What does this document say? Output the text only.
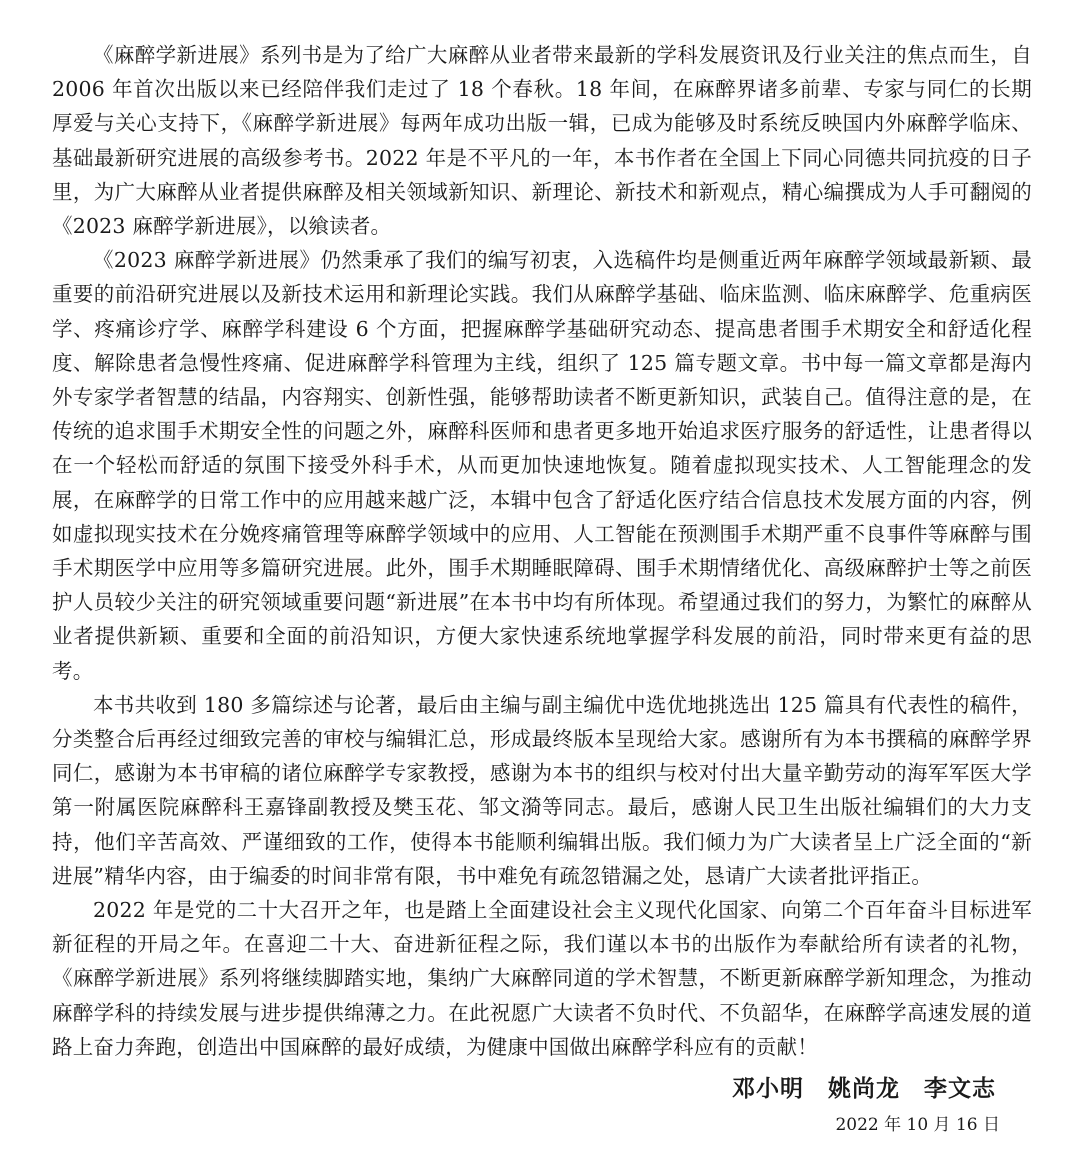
《麻醉学新进展》系列书是为了给广大麻醉从业者带来最新的学科发展资讯及行业关注的焦点而生，自 2006 年首次出版以来已经陪伴我们走过了 18 个春秋。18 年间，在麻醉界诸多前辈、专家与同仁的长期厚爱与关心支持下，《麻醉学新进展》每两年成功出版一辑，已成为能够及时系统反映国内外麻醉学临床、基础最新研究进展的高级参考书。2022 年是不平凡的一年，本书作者在全国上下同心同德共同抗疫的日子里，为广大麻醉从业者提供麻醉及相关领域新知识、新理论、新技术和新观点，精心编撰成为人手可翻阅的《2023 麻醉学新进展》，以飨读者。

《2023 麻醉学新进展》仍然秉承了我们的编写初衷，入选稿件均是侧重近两年麻醉学领域最新颖、最重要的前沿研究进展以及新技术运用和新理论实践。我们从麻醉学基础、临床监测、临床麻醉学、危重病医学、疼痛诊疗学、麻醉学科建设 6 个方面，把握麻醉学基础研究动态、提高患者围手术期安全和舒适化程度、解除患者急慢性疼痛、促进麻醉学科管理为主线，组织了 125 篇专题文章。书中每一篇文章都是海内外专家学者智慧的结晶，内容翔实、创新性强，能够帮助读者不断更新知识，武装自己。值得注意的是，在传统的追求围手术期安全性的问题之外，麻醉科医师和患者更多地开始追求医疗服务的舒适性，让患者得以在一个轻松而舒适的氛围下接受外科手术，从而更加快速地恢复。随着虚拟现实技术、人工智能理念的发展，在麻醉学的日常工作中的应用越来越广泛，本辑中包含了舒适化医疗结合信息技术发展方面的内容，例如虚拟现实技术在分娩疼痛管理等麻醉学领域中的应用、人工智能在预测围手术期严重不良事件等麻醉与围手术期医学中应用等多篇研究进展。此外，围手术期睡眠障碍、围手术期情绪优化、高级麻醉护士等之前医护人员较少关注的研究领域重要问题“新进展”在本书中均有所体现。希望通过我们的努力，为繁忙的麻醉从业者提供新颖、重要和全面的前沿知识，方便大家快速系统地掌握学科发展的前沿，同时带来更有益的思考。

本书共收到 180 多篇综述与论著，最后由主编与副主编优中选优地挑选出 125 篇具有代表性的稿件，分类整合后再经过细致完善的审校与编辑汇总，形成最终版本呈现给大家。感谢所有为本书撰稿的麻醉学界同仁，感谢为本书审稿的诸位麻醉学专家教授，感谢为本书的组织与校对付出大量辛勤劳动的海军军医大学第一附属医院麻醉科王嘉锋副教授及樊玉花、邹文漪等同志。最后，感谢人民卫生出版社编辑们的大力支持，他们辛苦高效、严谨细致的工作，使得本书能顺利编辑出版。我们倾力为广大读者呈上广泛全面的“新进展”精华内容，由于编委的时间非常有限，书中难免有疏忽错漏之处，恳请广大读者批评指正。

2022 年是党的二十大召开之年，也是踏上全面建设社会主义现代化国家、向第二个百年奋斗目标进军新征程的开局之年。在喜迎二十大、奋进新征程之际，我们谨以本书的出版作为奉献给所有读者的礼物，《麻醉学新进展》系列将继续脚踏实地，集纳广大麻醉同道的学术智慧，不断更新麻醉学新知理念，为推动麻醉学科的持续发展与进步提供绵薄之力。在此祝愿广大读者不负时代、不负韶华，在麻醉学高速发展的道路上奋力奔跑，创造出中国麻醉的最好成绩，为健康中国做出麻醉学科应有的贡献！

邓小明　姚尚龙　李文志
2022 年 10 月 16 日
